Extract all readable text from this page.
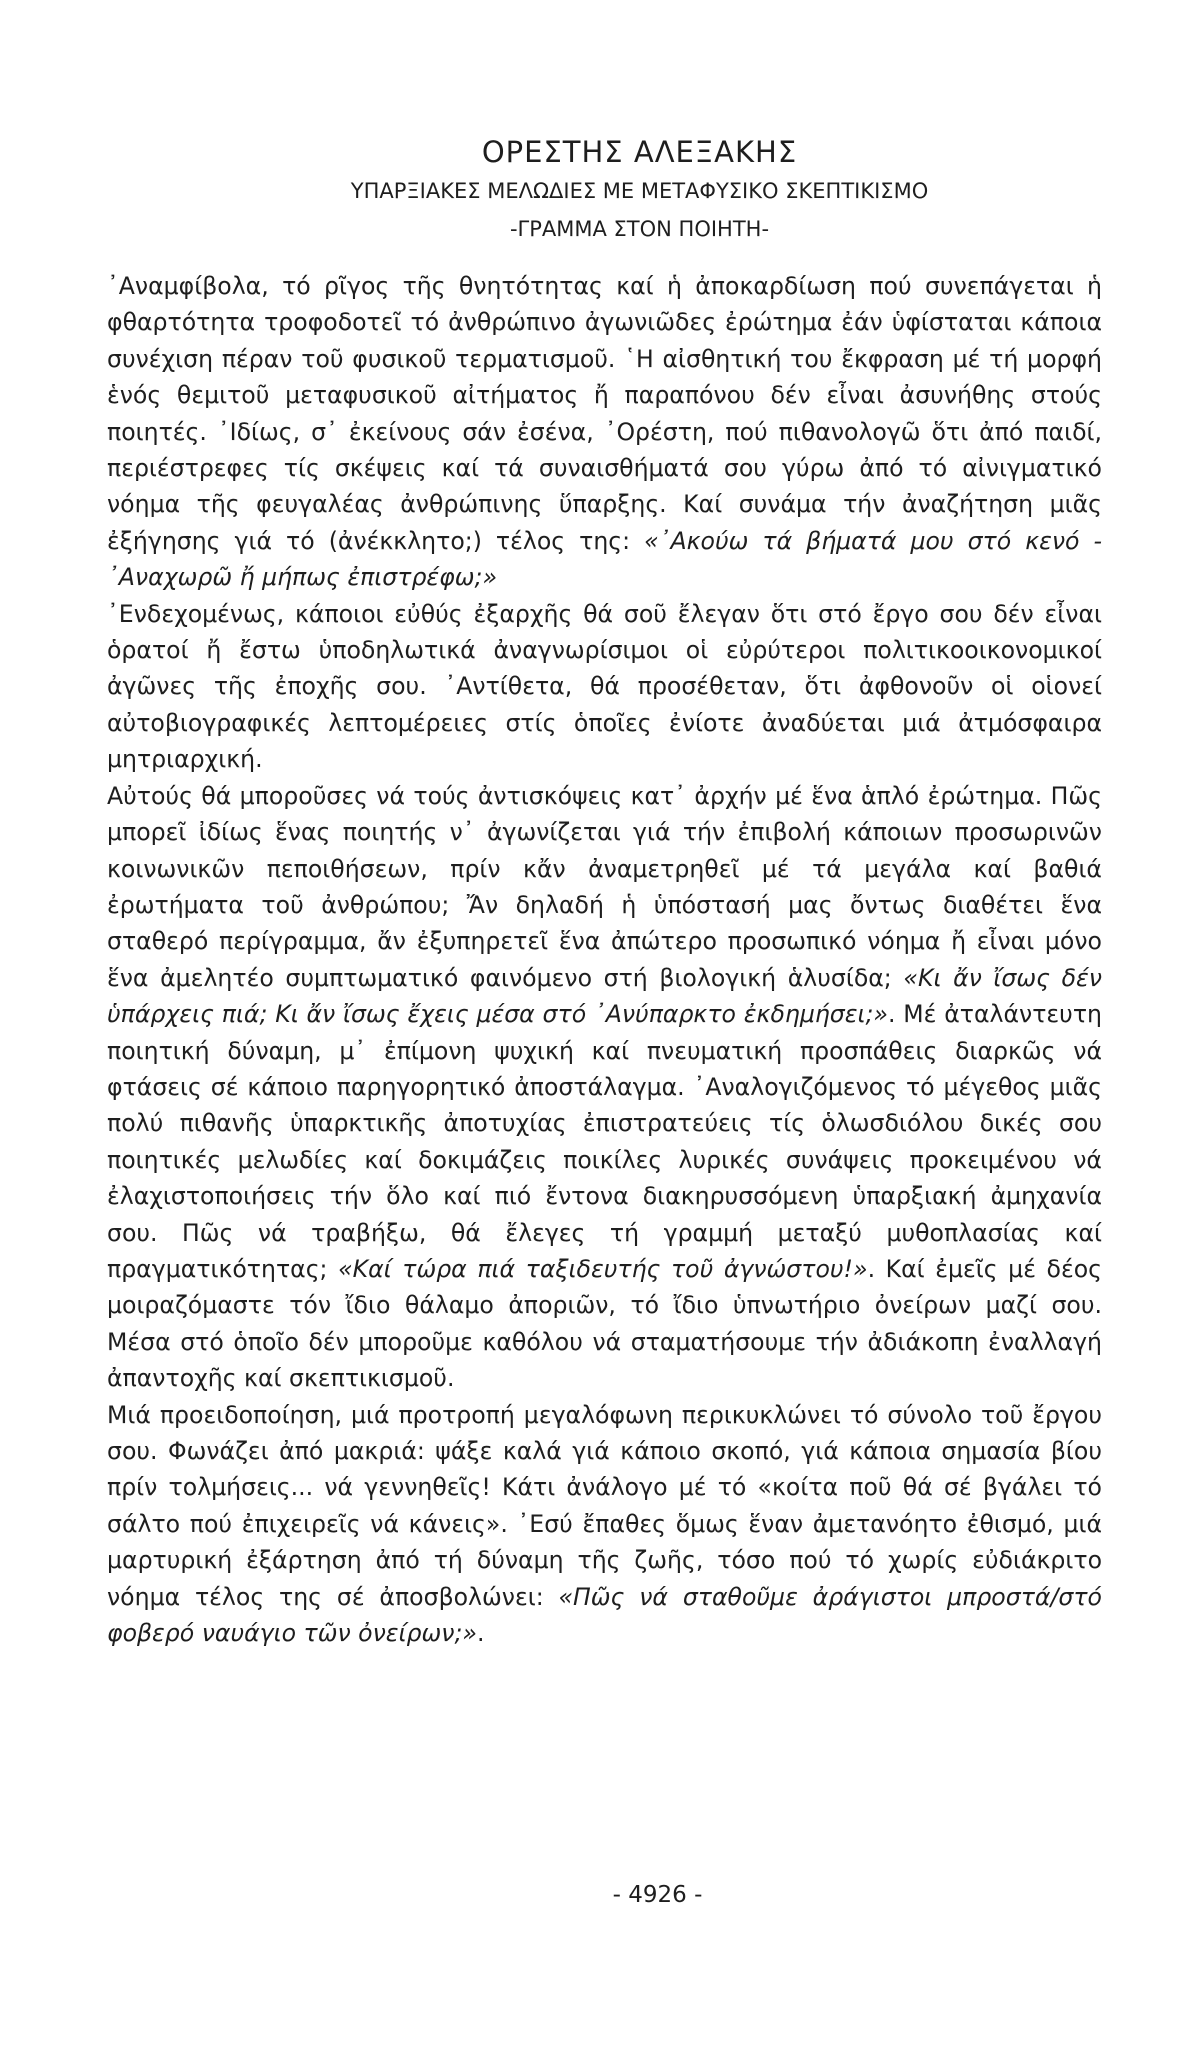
ΟΡΕΣΤΗΣ ΑΛΕΞΑΚΗΣ
ΥΠΑΡΞΙΑΚΕΣ ΜΕΛΩΔΙΕΣ ΜΕ ΜΕΤΑΦΥΣΙΚΟ ΣΚΕΠΤΙΚΙΣΜΟ
-ΓΡΑΜΜΑ ΣΤΟΝ ΠΟΙΗΤΗ-

᾿Αναμφίβολα, τό ρῖγος τῆς θνητότητας καί ἡ ἀποκαρδίωση πού συνεπάγεται ἡ φθαρτότητα τροφοδοτεῖ τό ἀνθρώπινο ἀγωνιῶδες ἐρώτημα ἐάν ὑφίσταται κάποια συνέχιση πέραν τοῦ φυσικοῦ τερματισμοῦ. ῾Η αἰσθητική του ἔκφραση μέ τή μορφή ἑνός θεμιτοῦ μεταφυσικοῦ αἰτήματος ἤ παραπόνου δέν εἶναι ἀσυνήθης στούς ποιητές. ᾿Ιδίως, σ᾿ ἐκείνους σάν ἐσένα, ᾿Ορέστη, πού πιθανολογῶ ὅτι ἀπό παιδί, περιέστρεφες τίς σκέψεις καί τά συναισθήματά σου γύρω ἀπό τό αἰνιγματικό νόημα τῆς φευγαλέας ἀνθρώπινης ὕπαρξης. Καί συνάμα τήν ἀναζήτηση μιᾶς ἐξήγησης γιά τό (ἀνέκκλητο;) τέλος της: «᾿Ακούω τά βήματά μου στό κενό - ᾿Αναχωρῶ ἤ μήπως ἐπιστρέφω;»

᾿Ενδεχομένως, κάποιοι εὐθύς ἐξαρχῆς θά σοῦ ἔλεγαν ὅτι στό ἔργο σου δέν εἶναι ὁρατοί ἤ ἔστω ὑποδηλωτικά ἀναγνωρίσιμοι οἱ εὐρύτεροι πολιτικοοικονομικοί ἀγῶνες τῆς ἐποχῆς σου. ᾿Αντίθετα, θά προσέθεταν, ὅτι ἀφθονοῦν οἱ οἱονεί αὐτοβιογραφικές λεπτομέρειες στίς ὁποῖες ἐνίοτε ἀναδύεται μιά ἀτμόσφαιρα μητριαρχική.

Αὐτούς θά μποροῦσες νά τούς ἀντισκόψεις κατ᾿ ἀρχήν μέ ἕνα ἁπλό ἐρώτημα. Πῶς μπορεῖ ἰδίως ἕνας ποιητής ν᾿ ἀγωνίζεται γιά τήν ἐπιβολή κάποιων προσωρινῶν κοινωνικῶν πεποιθήσεων, πρίν κἄν ἀναμετρηθεῖ μέ τά μεγάλα καί βαθιά ἐρωτήματα τοῦ ἀνθρώπου; Ἄν δηλαδή ἡ ὑπόστασή μας ὄντως διαθέτει ἕνα σταθερό περίγραμμα, ἄν ἐξυπηρετεῖ ἕνα ἀπώτερο προσωπικό νόημα ἤ εἶναι μόνο ἕνα ἀμελητέο συμπτωματικό φαινόμενο στή βιολογική ἁλυσίδα; «Κι ἄν ἴσως δέν ὑπάρχεις πιά; Κι ἄν ἴσως ἔχεις μέσα στό ᾿Ανύπαρκτο ἐκδημήσει;». Μέ ἀταλάντευτη ποιητική δύναμη, μ᾿ ἐπίμονη ψυχική καί πνευματική προσπάθεις διαρκῶς νά φτάσεις σέ κάποιο παρηγορητικό ἀποστάλαγμα. ᾿Αναλογιζόμενος τό μέγεθος μιᾶς πολύ πιθανῆς ὑπαρκτικῆς ἀποτυχίας ἐπιστρατεύεις τίς ὁλωσδιόλου δικές σου ποιητικές μελωδίες καί δοκιμάζεις ποικίλες λυρικές συνάψεις προκειμένου νά ἐλαχιστοποιήσεις τήν ὅλο καί πιό ἔντονα διακηρυσσόμενη ὑπαρξιακή ἀμηχανία σου. Πῶς νά τραβήξω, θά ἔλεγες τή γραμμή μεταξύ μυθοπλασίας καί πραγματικότητας; «Καί τώρα πιά ταξιδευτής τοῦ ἀγνώστου!». Καί ἐμεῖς μέ δέος μοιραζόμαστε τόν ἴδιο θάλαμο ἀποριῶν, τό ἴδιο ὑπνωτήριο ὀνείρων μαζί σου. Μέσα στό ὁποῖο δέν μποροῦμε καθόλου νά σταματήσουμε τήν ἀδιάκοπη ἐναλλαγή ἀπαντοχῆς καί σκεπτικισμοῦ.

Μιά προειδοποίηση, μιά προτροπή μεγαλόφωνη περικυκλώνει τό σύνολο τοῦ ἔργου σου. Φωνάζει ἀπό μακριά: ψάξε καλά γιά κάποιο σκοπό, γιά κάποια σημασία βίου πρίν τολμήσεις... νά γεννηθεῖς! Κάτι ἀνάλογο μέ τό «κοίτα ποῦ θά σέ βγάλει τό σάλτο πού ἐπιχειρεῖς νά κάνεις». ᾿Εσύ ἔπαθες ὅμως ἕναν ἀμετανόητο ἐθισμό, μιά μαρτυρική ἐξάρτηση ἀπό τή δύναμη τῆς ζωῆς, τόσο πού τό χωρίς εὐδιάκριτο νόημα τέλος της σέ ἀποσβολώνει: «Πῶς νά σταθοῦμε ἀράγιστοι μπροστά/στό φοβερό ναυάγιο τῶν ὀνείρων;».

- 4926 -
